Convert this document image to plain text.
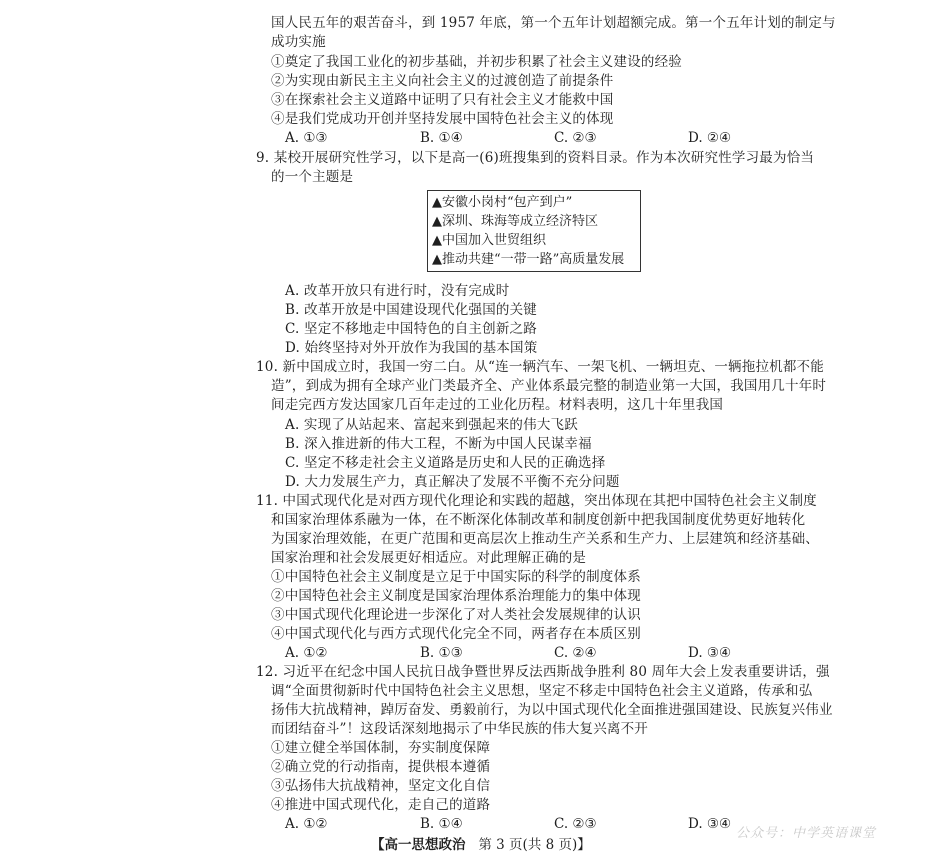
国人民五年的艰苦奋斗，到 1957 年底，第一个五年计划超额完成。第一个五年计划的制定与
成功实施
①奠定了我国工业化的初步基础，并初步积累了社会主义建设的经验
②为实现由新民主主义向社会主义的过渡创造了前提条件
③在探索社会主义道路中证明了只有社会主义才能救中国
④是我们党成功开创并坚持发展中国特色社会主义的体现
A. ①③	B. ①④	C. ②③	D. ②④
9. 某校开展研究性学习，以下是高一(6)班搜集到的资料目录。作为本次研究性学习最为恰当
的一个主题是
▲安徽小岗村“包产到户”
▲深圳、珠海等成立经济特区
▲中国加入世贸组织
▲推动共建“一带一路”高质量发展
A. 改革开放只有进行时，没有完成时
B. 改革开放是中国建设现代化强国的关键
C. 坚定不移地走中国特色的自主创新之路
D. 始终坚持对外开放作为我国的基本国策
10. 新中国成立时，我国一穷二白。从“连一辆汽车、一架飞机、一辆坦克、一辆拖拉机都不能
造”，到成为拥有全球产业门类最齐全、产业体系最完整的制造业第一大国，我国用几十年时
间走完西方发达国家几百年走过的工业化历程。材料表明，这几十年里我国
A. 实现了从站起来、富起来到强起来的伟大飞跃
B. 深入推进新的伟大工程，不断为中国人民谋幸福
C. 坚定不移走社会主义道路是历史和人民的正确选择
D. 大力发展生产力，真正解决了发展不平衡不充分问题
11. 中国式现代化是对西方现代化理论和实践的超越，突出体现在其把中国特色社会主义制度
和国家治理体系融为一体，在不断深化体制改革和制度创新中把我国制度优势更好地转化
为国家治理效能，在更广范围和更高层次上推动生产关系和生产力、上层建筑和经济基础、
国家治理和社会发展更好相适应。对此理解正确的是
①中国特色社会主义制度是立足于中国实际的科学的制度体系
②中国特色社会主义制度是国家治理体系治理能力的集中体现
③中国式现代化理论进一步深化了对人类社会发展规律的认识
④中国式现代化与西方式现代化完全不同，两者存在本质区别
A. ①②	B. ①③	C. ②④	D. ③④
12. 习近平在纪念中国人民抗日战争暨世界反法西斯战争胜利 80 周年大会上发表重要讲话，强
调“全面贯彻新时代中国特色社会主义思想，坚定不移走中国特色社会主义道路，传承和弘
扬伟大抗战精神，踔厉奋发、勇毅前行，为以中国式现代化全面推进强国建设、民族复兴伟业
而团结奋斗”！这段话深刻地揭示了中华民族的伟大复兴离不开
①建立健全举国体制，夯实制度保障
②确立党的行动指南，提供根本遵循
③弘扬伟大抗战精神，坚定文化自信
④推进中国式现代化，走自己的道路
A. ①②	B. ①④	C. ②③	D. ③④
【高一思想政治 第 3 页(共 8 页)】
公众号：中学英语课堂
